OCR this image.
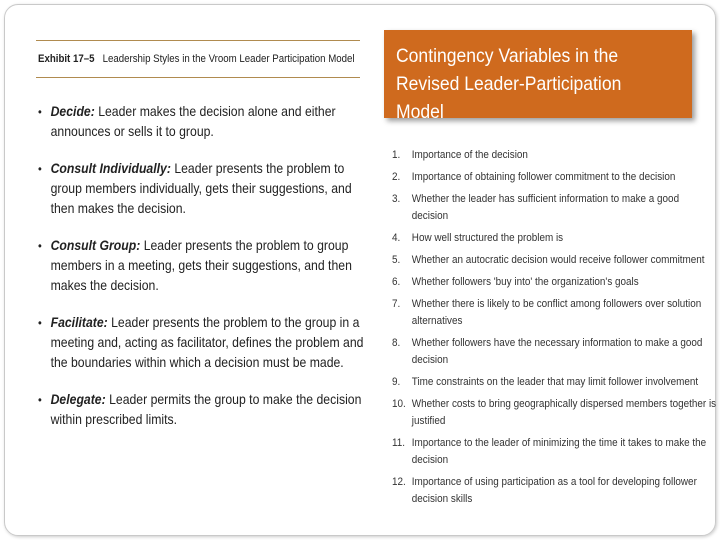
Exhibit 17–5 Leadership Styles in the Vroom Leader Participation Model
• Decide: Leader makes the decision alone and either announces or sells it to group.
• Consult Individually: Leader presents the problem to group members individually, gets their suggestions, and then makes the decision.
• Consult Group: Leader presents the problem to group members in a meeting, gets their suggestions, and then makes the decision.
• Facilitate: Leader presents the problem to the group in a meeting and, acting as facilitator, defines the problem and the boundaries within which a decision must be made.
• Delegate: Leader permits the group to make the decision within prescribed limits.
Contingency Variables in the Revised Leader-Participation Model
1. Importance of the decision
2. Importance of obtaining follower commitment to the decision
3. Whether the leader has sufficient information to make a good decision
4. How well structured the problem is
5. Whether an autocratic decision would receive follower commitment
6. Whether followers 'buy into' the organization's goals
7. Whether there is likely to be conflict among followers over solution alternatives
8. Whether followers have the necessary information to make a good decision
9. Time constraints on the leader that may limit follower involvement
10. Whether costs to bring geographically dispersed members together is justified
11. Importance to the leader of minimizing the time it takes to make the decision
12. Importance of using participation as a tool for developing follower decision skills
